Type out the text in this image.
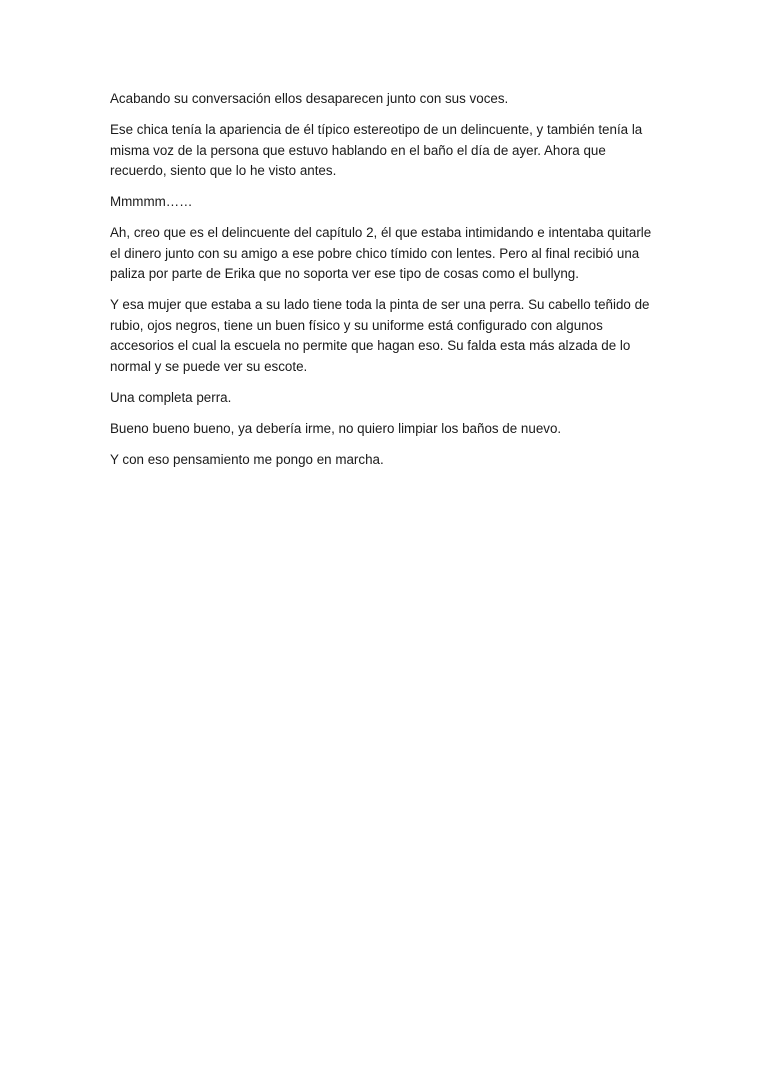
Acabando su conversación ellos desaparecen junto con sus voces.

Ese chica tenía la apariencia de él típico estereotipo de un delincuente, y también tenía la misma voz de la persona que estuvo hablando en el baño el día de ayer. Ahora que recuerdo, siento que lo he visto antes.

Mmmmm……

Ah, creo que es el delincuente del capítulo 2, él que estaba intimidando e intentaba quitarle el dinero junto con su amigo a ese pobre chico tímido con lentes. Pero al final recibió una paliza por parte de Erika que no soporta ver ese tipo de cosas como el bullyng.

Y esa mujer que estaba a su lado tiene toda la pinta de ser una perra. Su cabello teñido de rubio, ojos negros, tiene un buen físico y su uniforme está configurado con algunos accesorios el cual la escuela no permite que hagan eso. Su falda esta más alzada de lo normal y se puede ver su escote.

Una completa perra.

Bueno bueno bueno, ya debería irme, no quiero limpiar los baños de nuevo.

Y con eso pensamiento me pongo en marcha.
